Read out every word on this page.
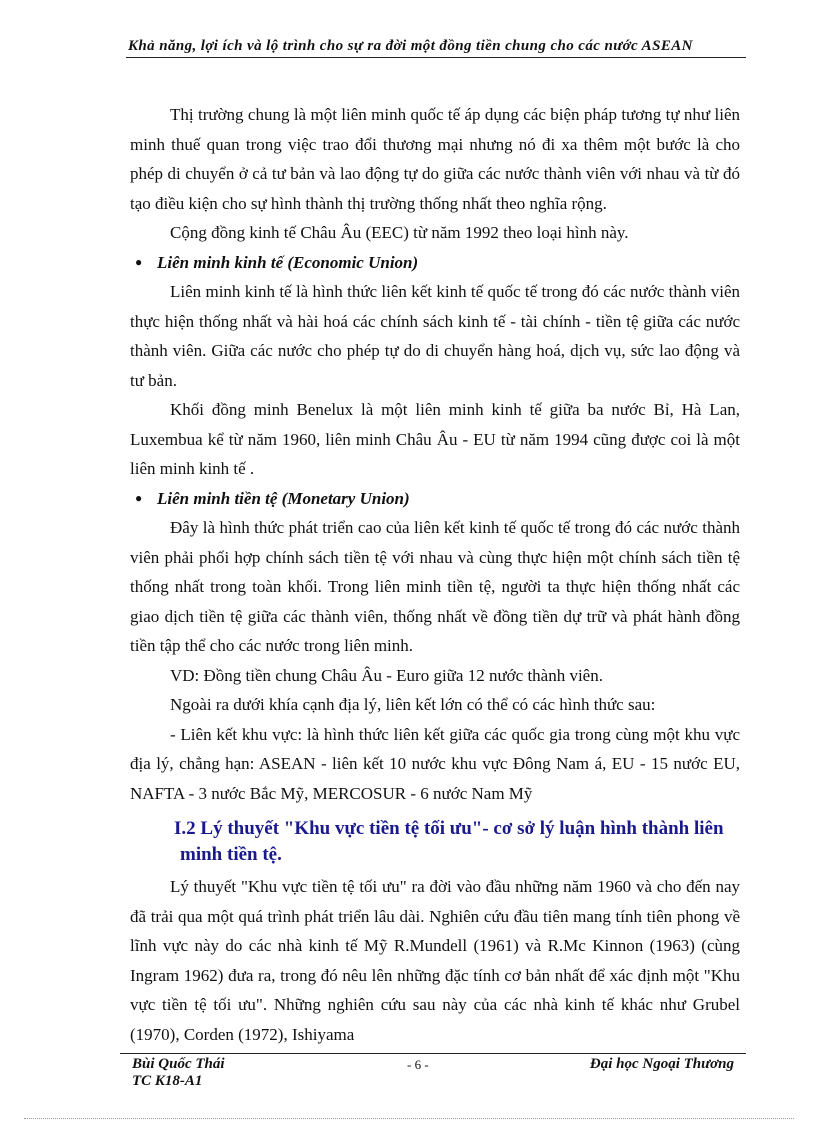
Khả năng, lợi ích và lộ trình cho sự ra đời một đồng tiền chung cho các nước ASEAN

Thị trường chung là một liên minh quốc tế áp dụng các biện pháp tương tự như liên minh thuế quan trong việc trao đổi thương mại nhưng nó đi xa thêm một bước là cho phép di chuyển ở cả tư bản và lao động tự do giữa các nước thành viên với nhau và từ đó tạo điều kiện cho sự hình thành thị trường thống nhất theo nghĩa rộng.

Cộng đồng kinh tế Châu Âu (EEC) từ năm 1992 theo loại hình này.

● Liên minh kinh tế (Economic Union)

Liên minh kinh tế là hình thức liên kết kinh tế quốc tế trong đó các nước thành viên thực hiện thống nhất và hài hoá các chính sách kinh tế - tài chính - tiền tệ giữa các nước thành viên. Giữa các nước cho phép tự do di chuyển hàng hoá, dịch vụ, sức lao động và tư bản.

Khối đồng minh Benelux là một liên minh kinh tế giữa ba nước Bỉ, Hà Lan, Luxembua kể từ năm 1960, liên minh Châu Âu - EU từ năm 1994 cũng được coi là một liên minh kinh tế .

● Liên minh tiền tệ (Monetary Union)

Đây là hình thức phát triển cao của liên kết kinh tế quốc tế trong đó các nước thành viên phải phối hợp chính sách tiền tệ với nhau và cùng thực hiện một chính sách tiền tệ thống nhất trong toàn khối. Trong liên minh tiền tệ, người ta thực hiện thống nhất các giao dịch tiền tệ giữa các thành viên, thống nhất về đồng tiền dự trữ và phát hành đồng tiền tập thể cho các nước trong liên minh.

VD: Đồng tiền chung Châu Âu - Euro giữa 12 nước thành viên.

Ngoài ra dưới khía cạnh địa lý, liên kết lớn có thể có các hình thức sau:

- Liên kết khu vực: là hình thức liên kết giữa các quốc gia trong cùng một khu vực địa lý, chẳng hạn: ASEAN - liên kết 10 nước khu vực Đông Nam á, EU - 15 nước EU, NAFTA - 3 nước Bắc Mỹ, MERCOSUR - 6 nước Nam Mỹ

I.2 Lý thuyết "Khu vực tiền tệ tối ưu"- cơ sở lý luận hình thành liên
minh tiền tệ.

Lý thuyết "Khu vực tiền tệ tối ưu" ra đời vào đầu những năm 1960 và cho đến nay đã trải qua một quá trình phát triển lâu dài. Nghiên cứu đầu tiên mang tính tiên phong về lĩnh vực này do các nhà kinh tế Mỹ R.Mundell (1961) và R.Mc Kinnon (1963) (cùng Ingram 1962) đưa ra, trong đó nêu lên những đặc tính cơ bản nhất để xác định một "Khu vực tiền tệ tối ưu". Những nghiên cứu sau này của các nhà kinh tế khác như Grubel (1970), Corden (1972), Ishiyama

Bùi Quốc Thái
TC K18-A1
- 6 -	Đại học Ngoại Thương
